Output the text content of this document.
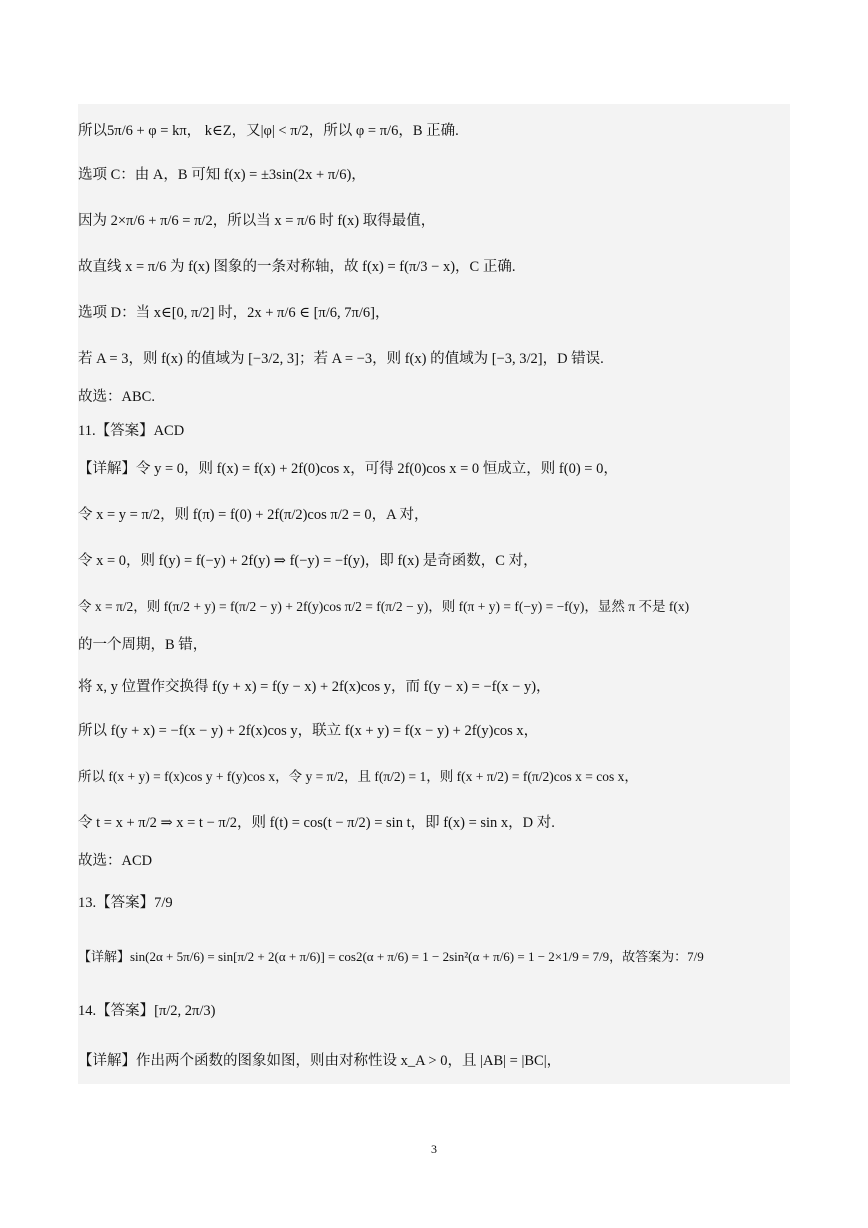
所以5π/6 + φ = kπ， k∈Z，又|φ| < π/2，所以 φ = π/6，B 正确.
选项 C：由 A，B 可知 f(x) = ±3sin(2x + π/6)，
因为 2×π/6 + π/6 = π/2，所以当 x = π/6 时 f(x) 取得最值，
故直线 x = π/6 为 f(x) 图象的一条对称轴，故 f(x) = f(π/3 − x)，C 正确.
选项 D：当 x∈[0, π/2] 时，2x + π/6 ∈ [π/6, 7π/6]，
若 A = 3，则 f(x) 的值域为 [−3/2, 3]；若 A = −3，则 f(x) 的值域为 [−3, 3/2]，D 错误.
故选：ABC.
11.【答案】ACD
【详解】令 y = 0，则 f(x) = f(x) + 2f(0)cos x，可得 2f(0)cos x = 0 恒成立，则 f(0) = 0，
令 x = y = π/2，则 f(π) = f(0) + 2f(π/2)cos π/2 = 0，A 对，
令 x = 0，则 f(y) = f(−y) + 2f(y) ⇒ f(−y) = −f(y)，即 f(x) 是奇函数，C 对，
令 x = π/2，则 f(π/2 + y) = f(π/2 − y) + 2f(y)cos π/2 = f(π/2 − y)，则 f(π + y) = f(−y) = −f(y)，显然 π 不是 f(x)
的一个周期，B 错，
将 x, y 位置作交换得 f(y + x) = f(y − x) + 2f(x)cos y，而 f(y − x) = −f(x − y)，
所以 f(y + x) = −f(x − y) + 2f(x)cos y，联立 f(x + y) = f(x − y) + 2f(y)cos x，
所以 f(x + y) = f(x)cos y + f(y)cos x，令 y = π/2，且 f(π/2) = 1，则 f(x + π/2) = f(π/2)cos x = cos x，
令 t = x + π/2 ⇒ x = t − π/2，则 f(t) = cos(t − π/2) = sin t，即 f(x) = sin x，D 对.
故选：ACD
13.【答案】7/9
【详解】sin(2α + 5π/6) = sin[π/2 + 2(α + π/6)] = cos2(α + π/6) = 1 − 2sin²(α + π/6) = 1 − 2×1/9 = 7/9，故答案为：7/9
14.【答案】[π/2, 2π/3)
【详解】作出两个函数的图象如图，则由对称性设 x_A > 0，且 |AB| = |BC|，
3
